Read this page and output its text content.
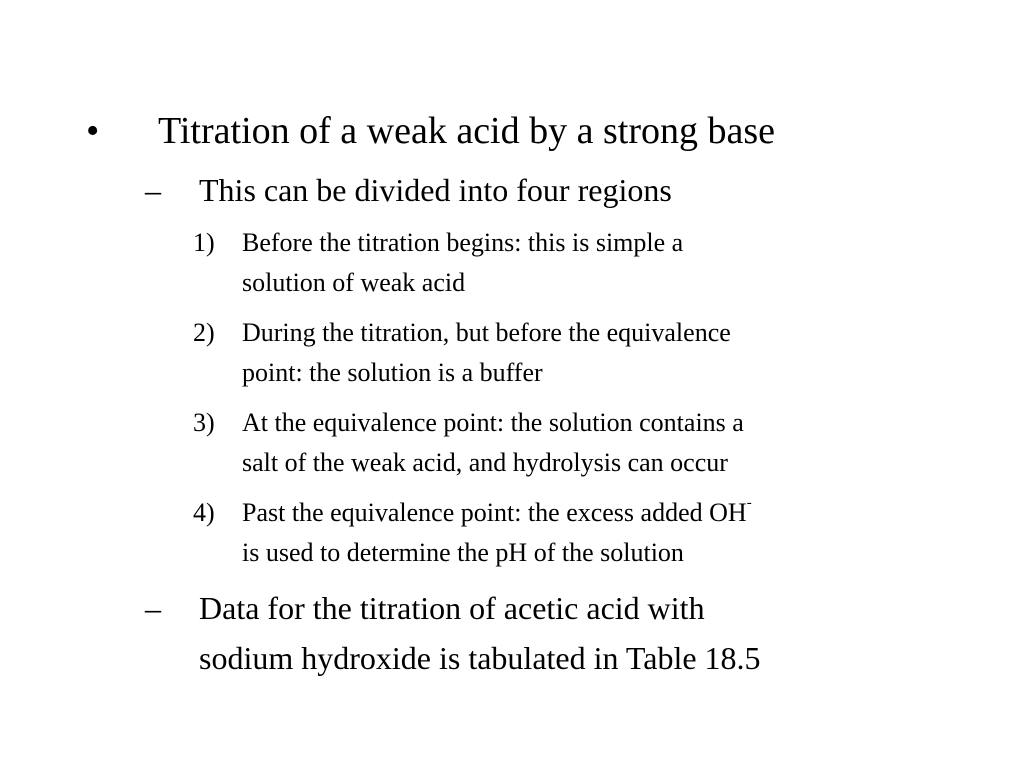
• Titration of a weak acid by a strong base
– This can be divided into four regions
1) Before the titration begins: this is simple a
solution of weak acid
2) During the titration, but before the equivalence
point: the solution is a buffer
3) At the equivalence point: the solution contains a
salt of the weak acid, and hydrolysis can occur
4) Past the equivalence point: the excess added OH-
is used to determine the pH of the solution
– Data for the titration of acetic acid with
sodium hydroxide is tabulated in Table 18.5
